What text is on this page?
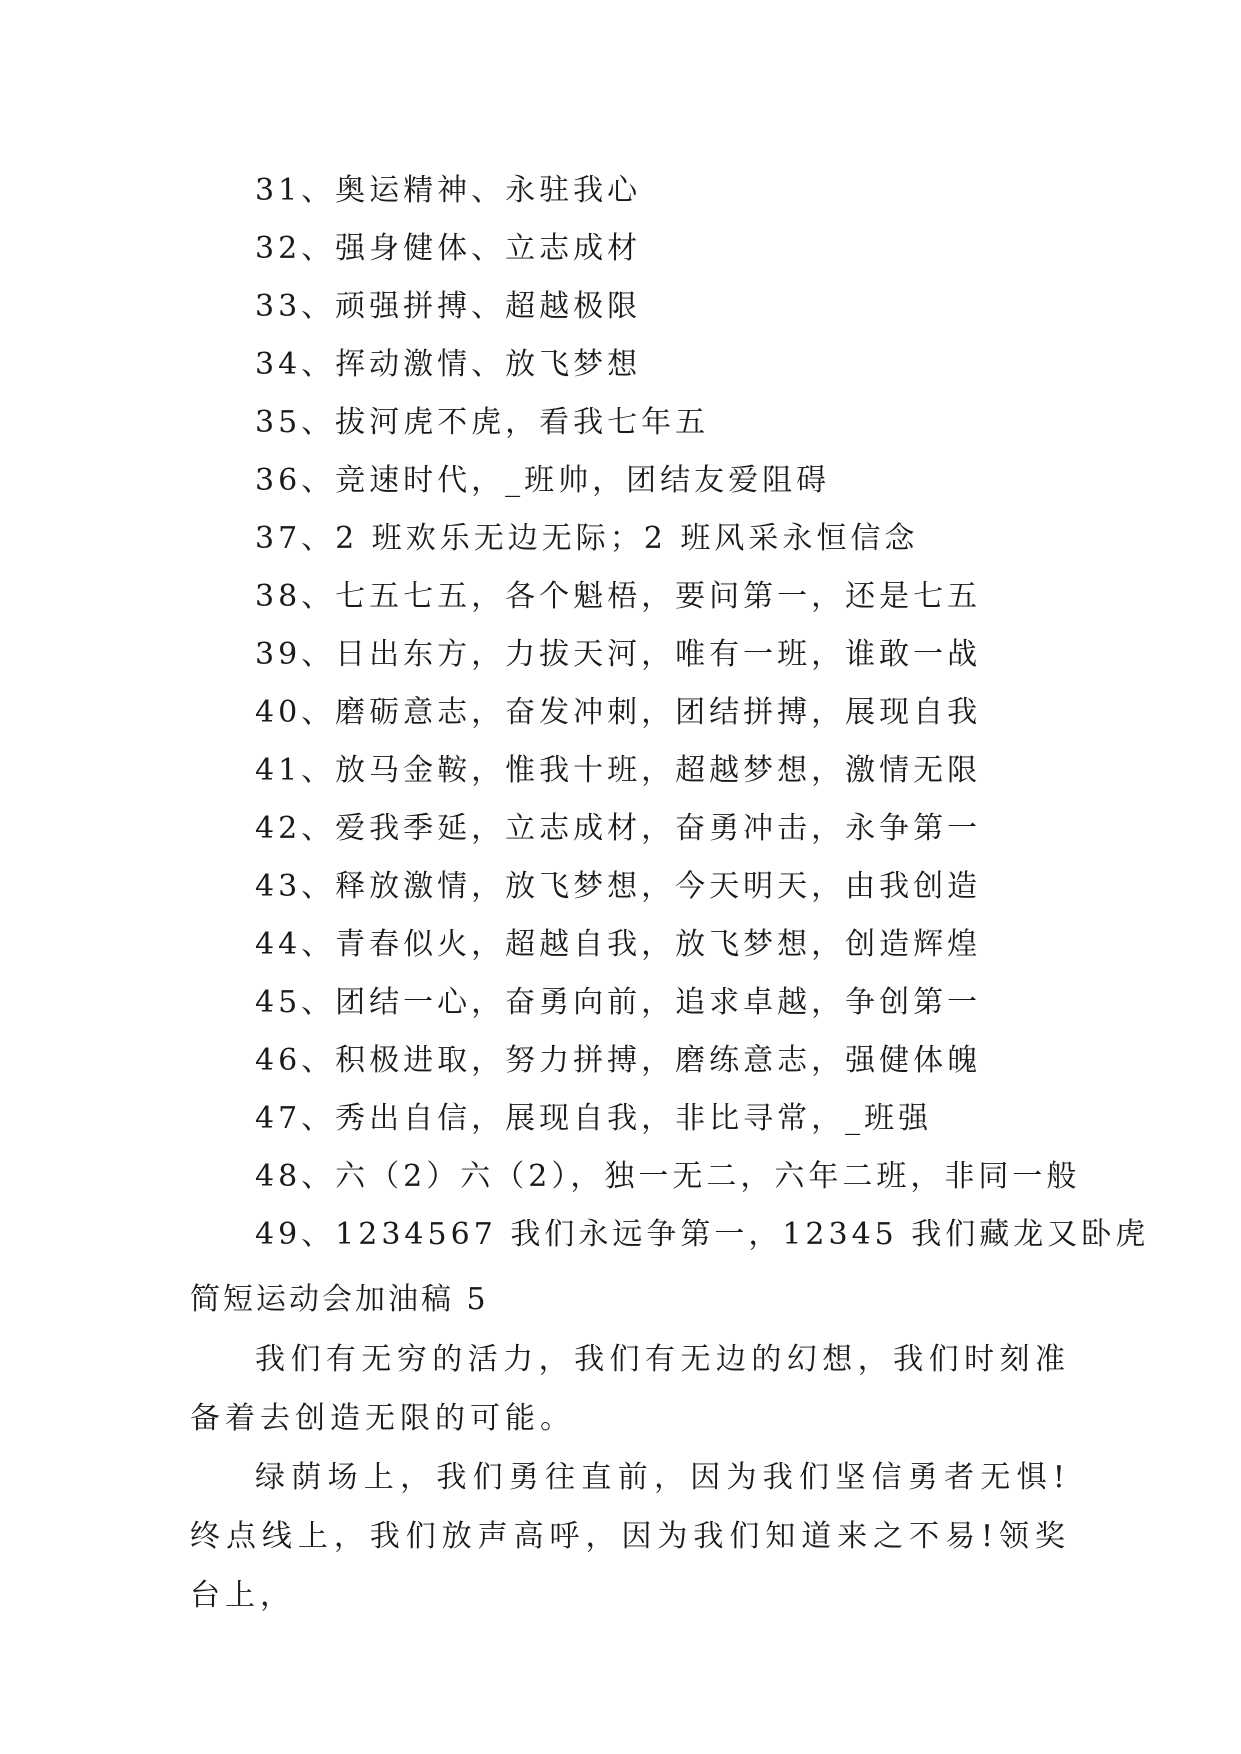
31、奥运精神、永驻我心
32、强身健体、立志成材
33、顽强拼搏、超越极限
34、挥动激情、放飞梦想
35、拔河虎不虎，看我七年五
36、竞速时代，_班帅，团结友爱阻碍
37、2 班欢乐无边无际；2 班风采永恒信念
38、七五七五，各个魁梧，要问第一，还是七五
39、日出东方，力拔天河，唯有一班，谁敢一战
40、磨砺意志，奋发冲刺，团结拼搏，展现自我
41、放马金鞍，惟我十班，超越梦想，激情无限
42、爱我季延，立志成材，奋勇冲击，永争第一
43、释放激情，放飞梦想，今天明天，由我创造
44、青春似火，超越自我，放飞梦想，创造辉煌
45、团结一心，奋勇向前，追求卓越，争创第一
46、积极进取，努力拼搏，磨练意志，强健体魄
47、秀出自信，展现自我，非比寻常，_班强
48、六（2）六（2），独一无二，六年二班，非同一般
49、1234567 我们永远争第一，12345 我们藏龙又卧虎
简短运动会加油稿 5

我们有无穷的活力，我们有无边的幻想，我们时刻准备着去创造无限的可能。

绿荫场上，我们勇往直前，因为我们坚信勇者无惧!终点线上，我们放声高呼，因为我们知道来之不易!领奖台上，
